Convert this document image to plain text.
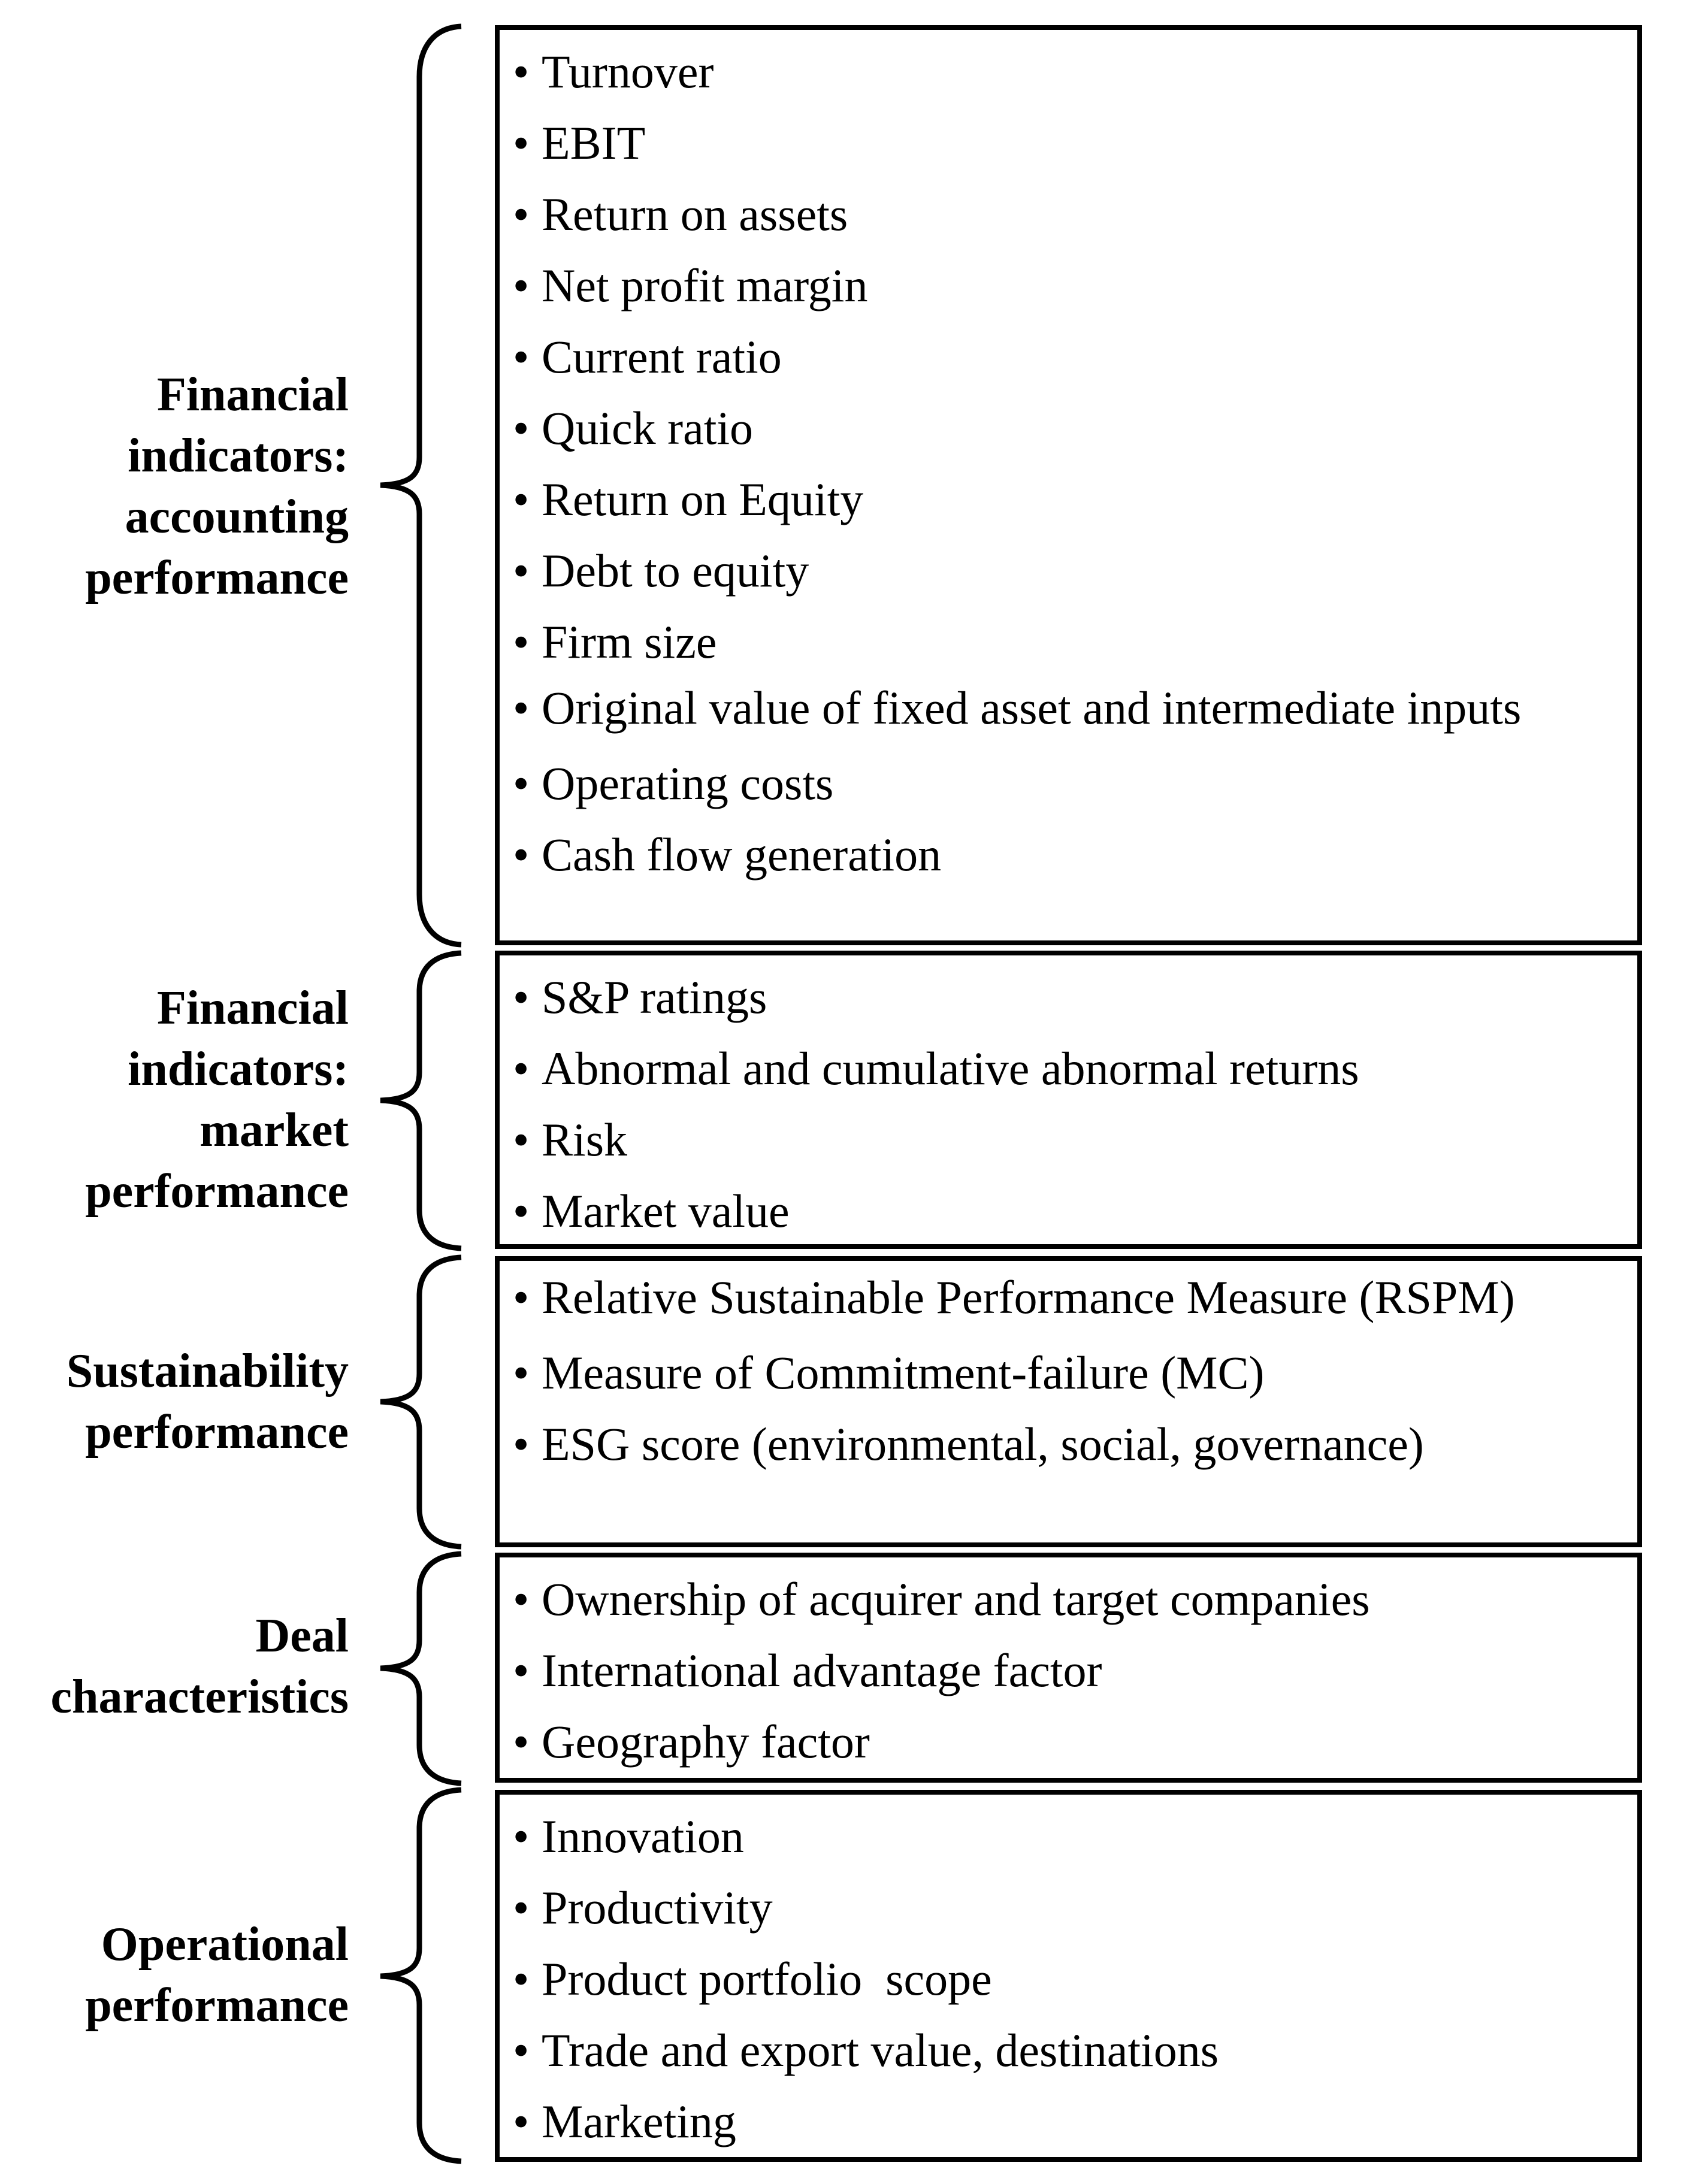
Financial
indicators:
accounting
performance
• Turnover
• EBIT
• Return on assets
• Net profit margin
• Current ratio
• Quick ratio
• Return on Equity
• Debt to equity
• Firm size
• Original value of fixed asset and intermediate inputs
• Operating costs
• Cash flow generation
Financial
indicators:
market
performance
• S&P ratings
• Abnormal and cumulative abnormal returns
• Risk
• Market value
Sustainability
performance
• Relative Sustainable Performance Measure (RSPM)
• Measure of Commitment-failure (MC)
• ESG score (environmental, social, governance)
Deal
characteristics
• Ownership of acquirer and target companies
• International advantage factor
• Geography factor
Operational
performance
• Innovation
• Productivity
• Product portfolio  scope
• Trade and export value, destinations
• Marketing
